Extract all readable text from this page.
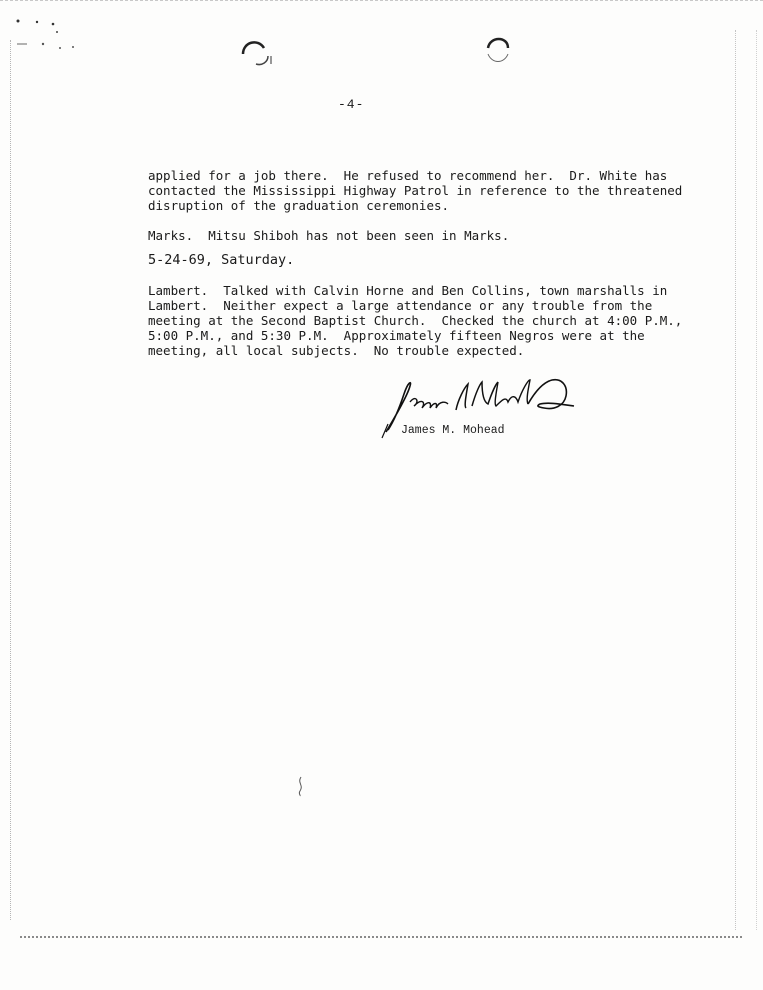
-4-
applied for a job there.  He refused to recommend her.  Dr. White has
contacted the Mississippi Highway Patrol in reference to the threatened
disruption of the graduation ceremonies.
Marks.  Mitsu Shiboh has not been seen in Marks.
5-24-69, Saturday.
Lambert.  Talked with Calvin Horne and Ben Collins, town marshalls in
Lambert.  Neither expect a large attendance or any trouble from the
meeting at the Second Baptist Church.  Checked the church at 4:00 P.M.,
5:00 P.M., and 5:30 P.M.  Approximately fifteen Negros were at the
meeting, all local subjects.  No trouble expected.
James M. Mohead
